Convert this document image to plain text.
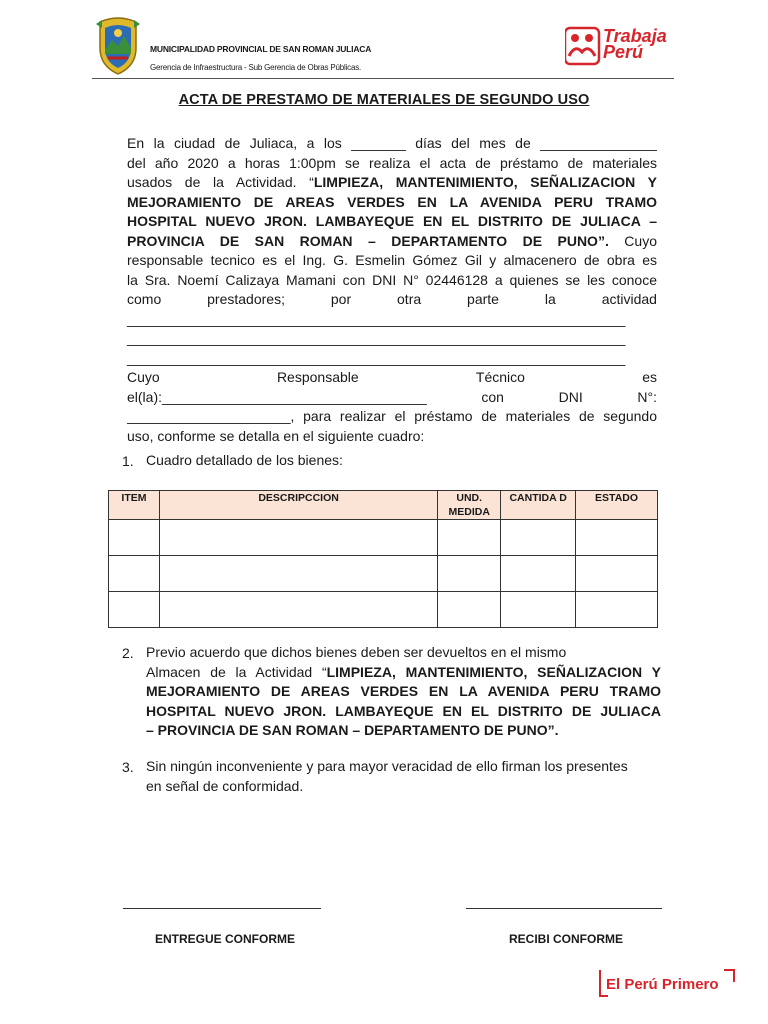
MUNICIPALIDAD PROVINCIAL DE SAN ROMAN JULIACA
Gerencia de Infraestructura - Sub Gerencia de Obras Públicas.
Trabaja
Perú
ACTA DE PRESTAMO DE MATERIALES DE SEGUNDO USO
En la ciudad de Juliaca, a los _______ días del mes de _______________
del año 2020 a horas 1:00pm se realiza el acta de préstamo de materiales
usados de la Actividad. “LIMPIEZA, MANTENIMIENTO, SEÑALIZACION Y
MEJORAMIENTO DE AREAS VERDES EN LA AVENIDA PERU TRAMO
HOSPITAL NUEVO JRON. LAMBAYEQUE EN EL DISTRITO DE JULIACA –
PROVINCIA DE SAN ROMAN – DEPARTAMENTO DE PUNO”. Cuyo
responsable tecnico es el Ing. G. Esmelin Gómez Gil y almacenero de obra es
la Sra. Noemí Calizaya Mamani con DNI N° 02446128 a quienes se les conoce
como	prestadores;	por	otra	parte	la	actividad
________________________________________________________________
________________________________________________________________
________________________________________________________________
Cuyo	Responsable	Técnico	es
el(la):__________________________________	con	DNI	N°:
_____________________, para realizar el préstamo de materiales de segundo
uso, conforme se detalla en el siguiente cuadro:
1. Cuadro detallado de los bienes:
ITEM	DESCRIPCCION	UND. MEDIDA	CANTIDA D	ESTADO

2. Previo acuerdo que dichos bienes deben ser devueltos en el mismo
Almacen de la Actividad “LIMPIEZA, MANTENIMIENTO, SEÑALIZACION Y
MEJORAMIENTO DE AREAS VERDES EN LA AVENIDA PERU TRAMO
HOSPITAL NUEVO JRON. LAMBAYEQUE EN EL DISTRITO DE JULIACA
– PROVINCIA DE SAN ROMAN – DEPARTAMENTO DE PUNO”.
3. Sin ningún inconveniente y para mayor veracidad de ello firman los presentes
en señal de conformidad.
ENTREGUE CONFORME	RECIBI CONFORME
El Perú Primero
